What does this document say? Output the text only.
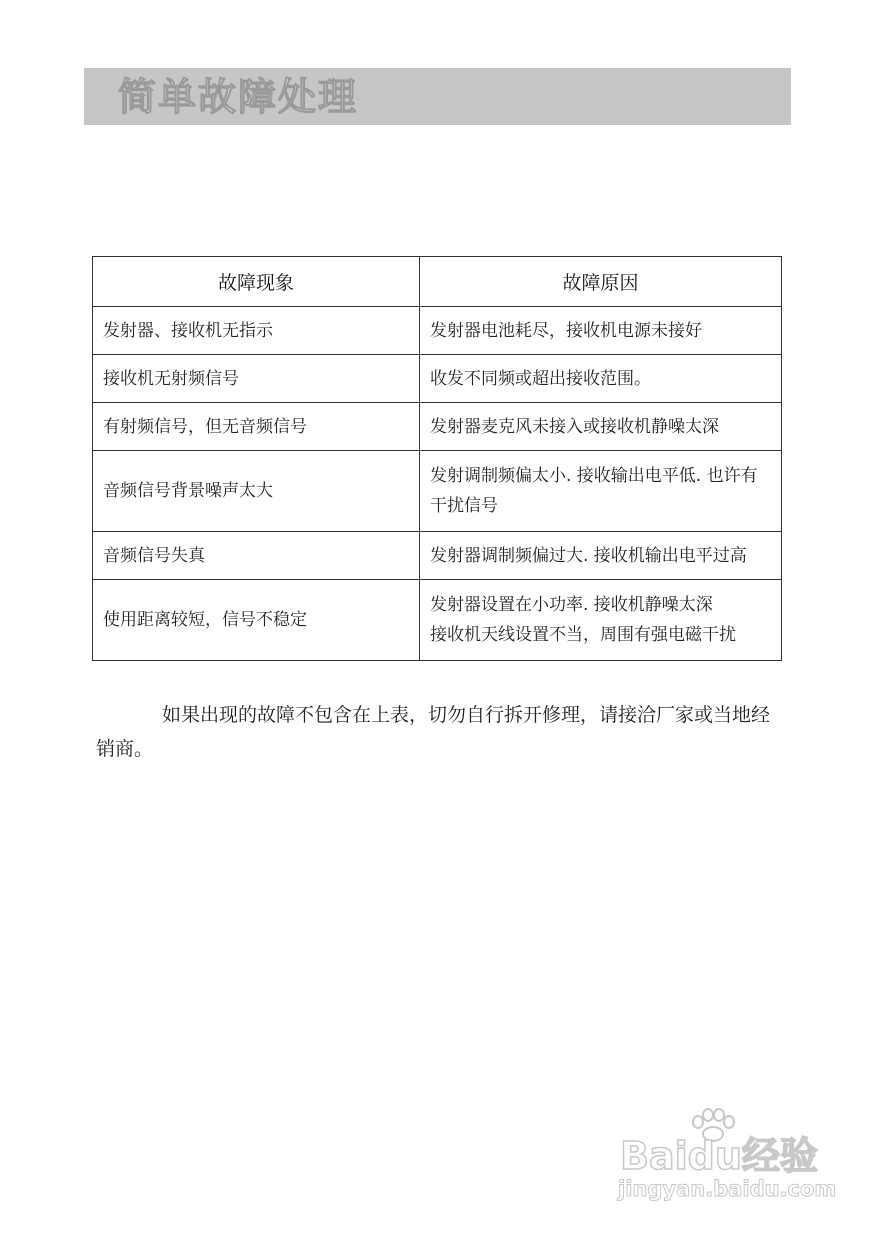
简单故障处理
故障现象	故障原因
发射器、接收机无指示	发射器电池耗尽，接收机电源未接好

接收机无射频信号	收发不同频或超出接收范围。

有射频信号，但无音频信号	发射器麦克风未接入或接收机静噪太深

音频信号背景噪声太大	发射调制频偏太小. 接收输出电平低. 也许有
干扰信号

音频信号失真	发射器调制频偏过大. 接收机输出电平过高

使用距离较短，信号不稳定	发射器设置在小功率. 接收机静噪太深
接收机天线设置不当，周围有强电磁干扰
如果出现的故障不包含在上表，切勿自行拆开修理，请接洽厂家或当地经销商。
Baidu经验
jingyan.baidu.com
